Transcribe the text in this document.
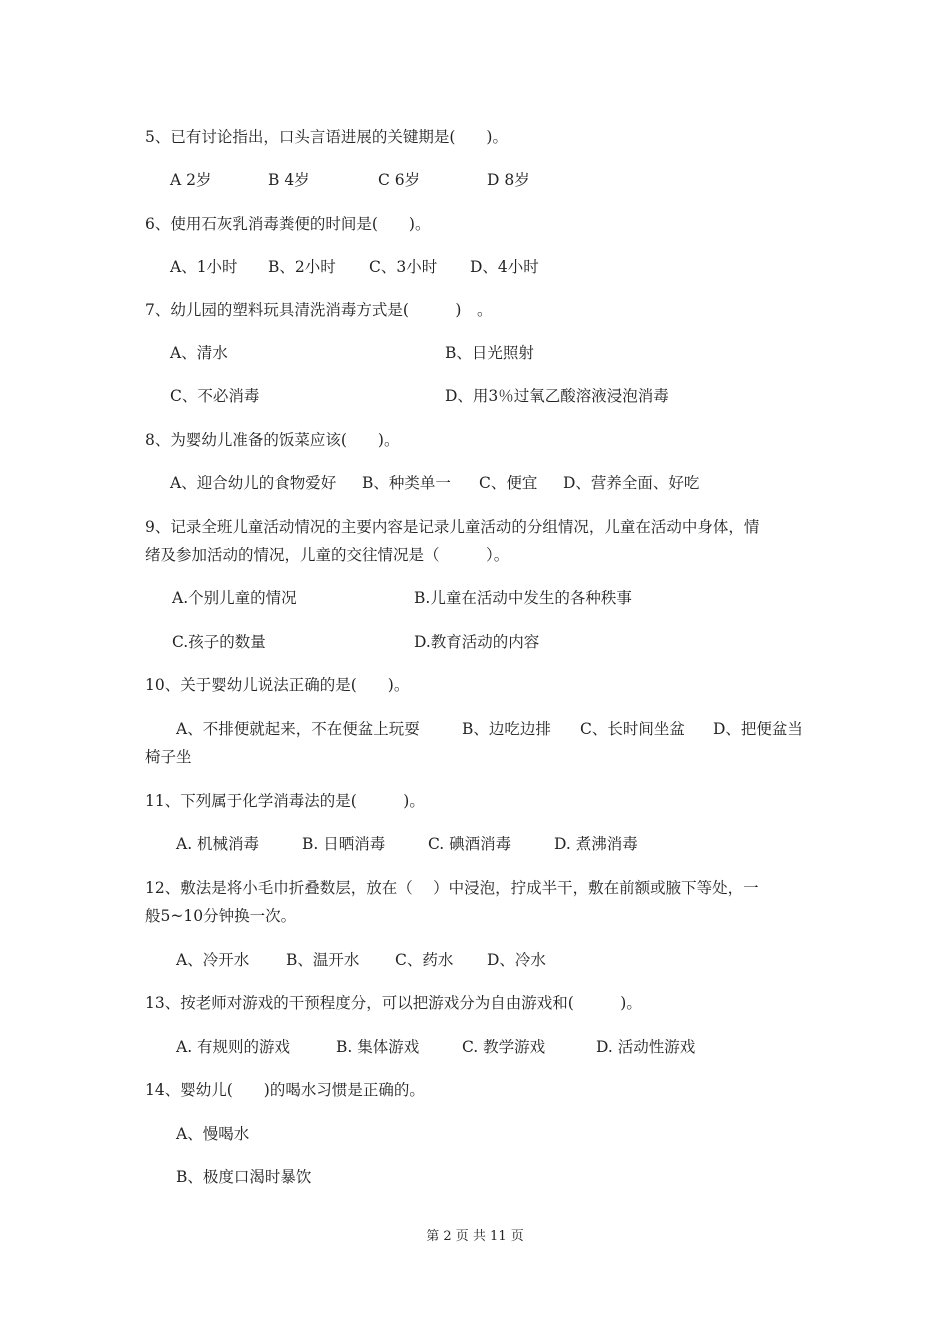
5、已有讨论指出，口头言语进展的关键期是(　　)。
A 2岁	B 4岁	C 6岁	D 8岁
6、使用石灰乳消毒粪便的时间是(　　)。
A、1小时 B、2小时 C、3小时 D、4小时
7、幼儿园的塑料玩具清洗消毒方式是(　　　)　。
A、清水	B、日光照射
C、不必消毒	D、用3％过氧乙酸溶液浸泡消毒
8、为婴幼儿准备的饭菜应该(　　)。
A、迎合幼儿的食物爱好 B、种类单一 C、便宜 D、营养全面、好吃
9、记录全班儿童活动情况的主要内容是记录儿童活动的分组情况，儿童在活动中身体，情
绪及参加活动的情况，儿童的交往情况是（　　　）。
A.个别儿童的情况	B.儿童在活动中发生的各种秩事
C.孩子的数量	D.教育活动的内容
10、关于婴幼儿说法正确的是(　　)。
A、不排便就起来，不在便盆上玩耍	B、边吃边排 C、长时间坐盆 D、把便盆当
椅子坐
11、下列属于化学消毒法的是(　　　)。
A. 机械消毒	B. 日晒消毒	C. 碘酒消毒	D. 煮沸消毒
12、敷法是将小毛巾折叠数层，放在（　 ）中浸泡，拧成半干，敷在前额或腋下等处，一
般5~10分钟换一次。
A、冷开水 B、温开水 C、药水 D、冷水
13、按老师对游戏的干预程度分，可以把游戏分为自由游戏和(　　　)。
A. 有规则的游戏	B. 集体游戏	C. 教学游戏	D. 活动性游戏
14、婴幼儿(　　)的喝水习惯是正确的。
A、慢喝水
B、极度口渴时暴饮
第 2 页 共 11 页
